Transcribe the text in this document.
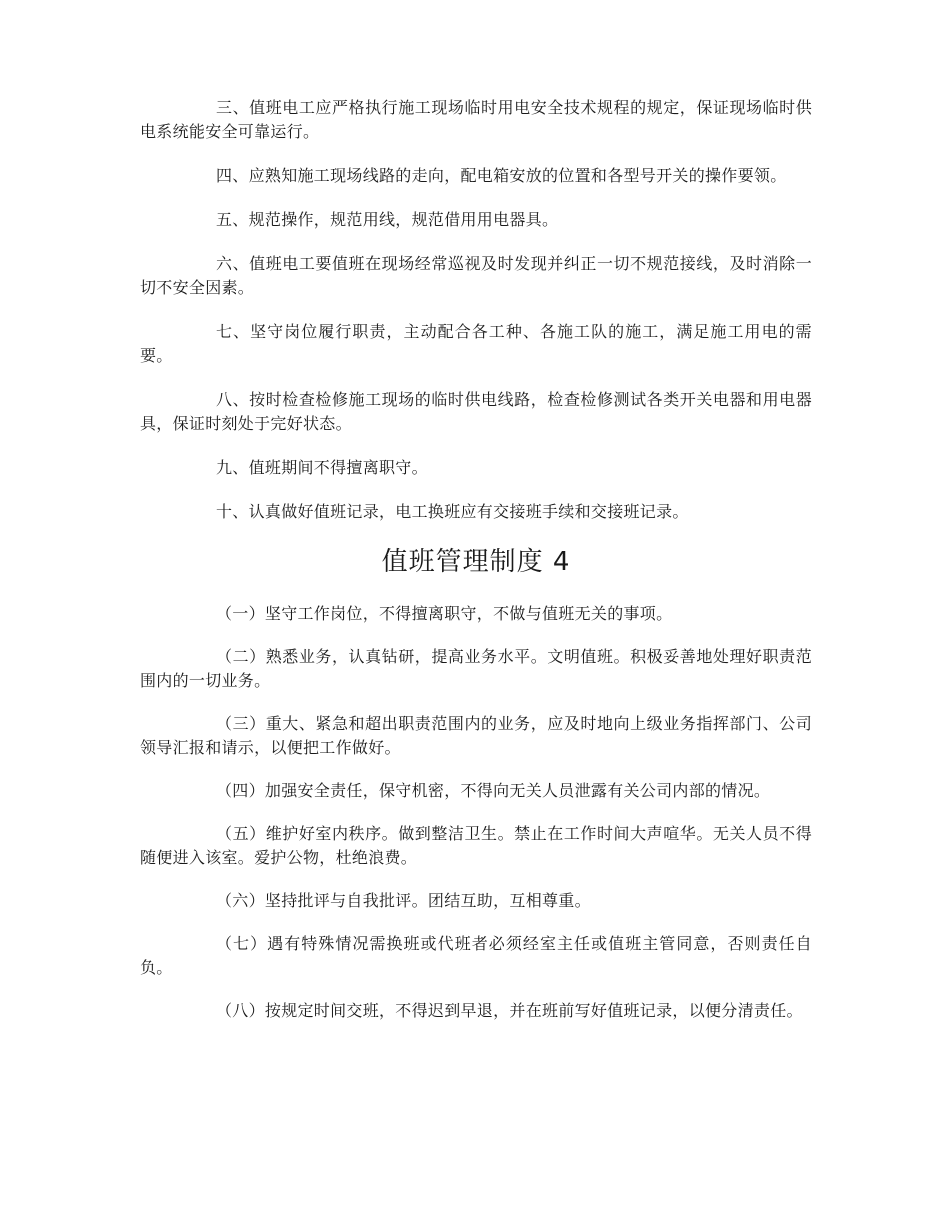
三、值班电工应严格执行施工现场临时用电安全技术规程的规定，保证现场临时供电系统能安全可靠运行。

四、应熟知施工现场线路的走向，配电箱安放的位置和各型号开关的操作要领。

五、规范操作，规范用线，规范借用用电器具。

六、值班电工要值班在现场经常巡视及时发现并纠正一切不规范接线，及时消除一切不安全因素。

七、坚守岗位履行职责，主动配合各工种、各施工队的施工，满足施工用电的需要。

八、按时检查检修施工现场的临时供电线路，检查检修测试各类开关电器和用电器具，保证时刻处于完好状态。

九、值班期间不得擅离职守。

十、认真做好值班记录，电工换班应有交接班手续和交接班记录。

值班管理制度 4

（一）坚守工作岗位，不得擅离职守，不做与值班无关的事项。

（二）熟悉业务，认真钻研，提高业务水平。文明值班。积极妥善地处理好职责范围内的一切业务。

（三）重大、紧急和超出职责范围内的业务，应及时地向上级业务指挥部门、公司领导汇报和请示，以便把工作做好。

（四）加强安全责任，保守机密，不得向无关人员泄露有关公司内部的情况。

（五）维护好室内秩序。做到整洁卫生。禁止在工作时间大声喧华。无关人员不得随便进入该室。爱护公物，杜绝浪费。

（六）坚持批评与自我批评。团结互助，互相尊重。

（七）遇有特殊情况需换班或代班者必须经室主任或值班主管同意，否则责任自负。

（八）按规定时间交班，不得迟到早退，并在班前写好值班记录，以便分清责任。
